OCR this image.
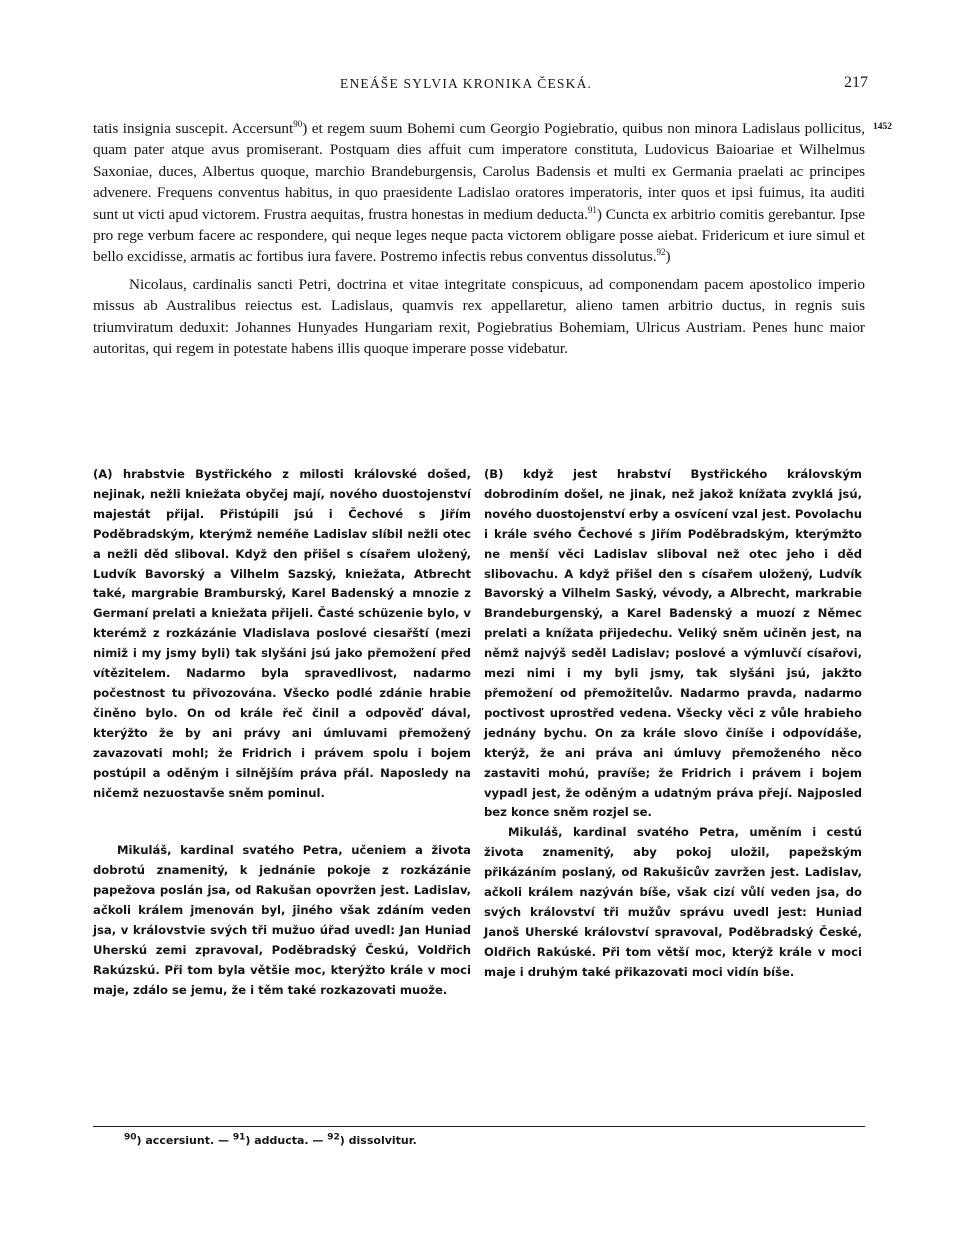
ENEÁŠE SYLVIA KRONIKA ČESKÁ.	217
1452

tatis insignia suscepit. Accersunt$^{90}$) et regem suum Bohemi cum Georgio Pogiebratio, quibus non minora Ladislaus pollicitus, quam pater atque avus promiserant. Postquam dies affuit cum imperatore constituta, Ludovicus Baioariae et Wilhelmus Saxoniae, duces, Albertus quoque, marchio Brandeburgensis, Carolus Badensis et multi ex Germania praelati ac principes advenere. Frequens conventus habitus, in quo praesidente Ladislao oratores imperatoris, inter quos et ipsi fuimus, ita auditi sunt ut victi apud victorem. Frustra aequitas, frustra honestas in medium deducta.$^{91}$) Cuncta ex arbitrio comitis gerebantur. Ipse pro rege verbum facere ac respondere, qui neque leges neque pacta victorem obligare posse aiebat. Fridericum et iure simul et bello excidisse, armatis ac fortibus iura favere. Postremo infectis rebus conventus dissolutus.$^{92}$)

Nicolaus, cardinalis sancti Petri, doctrina et vitae integritate conspicuus, ad componendam pacem apostolico imperio missus ab Australibus reiectus est. Ladislaus, quamvis rex appellaretur, alieno tamen arbitrio ductus, in regnis suis triumviratum deduxit: Johannes Hunyades Hungariam rexit, Pogiebratius Bohemiam, Ulricus Austriam. Penes hunc maior autoritas, qui regem in potestate habens illis quoque imperare posse videbatur.

(A) hrabstvie Bystřického z milosti královské došed, nejinak, nežli kniežata obyčej mají, nového duostojenství majestát přijal. Přistúpili jsú i Čechové s Jiřím Poděbradským, kterýmž neméňe Ladislav slíbil nežli otec a nežli děd sliboval. Když den přišel s císařem uložený, Ludvík Bavorský a Vilhelm Sazský, kniežata, Atbrecht také, margrabie Bramburský, Karel Badenský a mnozie z Germaní prelati a kniežata přijeli. Časté schüzenie bylo, v kterémž z rozkázánie Vladislava poslové ciesařští (mezi nimiž i my jsmy byli) tak slyšáni jsú jako přemožení před vítězitelem. Nadarmo byla spravedlivost, nadarmo počestnost tu přivozována. Všecko podlé zdánie hrabie činěno bylo. On od krále řeč činil a odpověď dával, kterýžto že by ani právy ani úmluvami přemožený zavazovati mohl; že Fridrich i právem spolu i bojem postúpil a oděným i silnějším práva přál. Naposledy na ničemž nezuostavše sněm pominul.

Mikuláš, kardinal svatého Petra, učeniem a života dobrotú znamenitý, k jednánie pokoje z rozkázánie papežova poslán jsa, od Rakušan opovržen jest. Ladislav, ačkoli králem jmenován byl, jiného však zdáním veden jsa, v královstvie svých tři mužuo úřad uvedl: Jan Huniad Uherskú zemi zpravoval, Poděbradský Českú, Voldřich Rakúzskú. Při tom byla většie moc, kterýžto krále v moci maje, zdálo se jemu, že i těm také rozkazovati muože.

(B) když jest hrabství Bystřického královským dobrodiním došel, ne jinak, než jakož knížata zvyklá jsú, nového duostojenství erby a osvícení vzal jest. Povolachu i krále svého Čechové s Jiřím Poděbradským, kterýmžto ne menší věci Ladislav sliboval než otec jeho i děd slibovachu. A když přišel den s císařem uložený, Ludvík Bavorský a Vilhelm Saský, vévody, a Albrecht, markrabie Brandeburgenský, a Karel Badenský a muozí z Němec prelati a knížata přijedechu. Veliký sněm učiněn jest, na němž najvýš seděl Ladislav; poslové a výmluvčí císařovi, mezi nimi i my byli jsmy, tak slyšáni jsú, jakžto přemožení od přemožitelův. Nadarmo pravda, nadarmo poctivost uprostřed vedena. Všecky věci z vůle hrabieho jednány bychu. On za krále slovo činíše i odpovídáše, kterýž, že ani práva ani úmluvy přemoženého něco zastaviti mohú, pravíše; že Fridrich i právem i bojem vypadl jest, že oděným a udatným práva přejí. Najposled bez konce sněm rozjel se.

Mikuláš, kardinal svatého Petra, uměním i cestú života znamenitý, aby pokoj uložil, papežským přikázáním poslaný, od Rakušicův zavržen jest. Ladislav, ačkoli králem nazýván bíše, však cizí vůlí veden jsa, do svých království tři mužův správu uvedl jest: Huniad Janoš Uherské království spravoval, Poděbradský České, Oldřich Rakúské. Při tom větší moc, kterýž krále v moci maje i druhým také přikazovati moci vidín bíše.

$^{90}$) accersiunt. — $^{91}$) adducta. — $^{92}$) dissolvitur.
